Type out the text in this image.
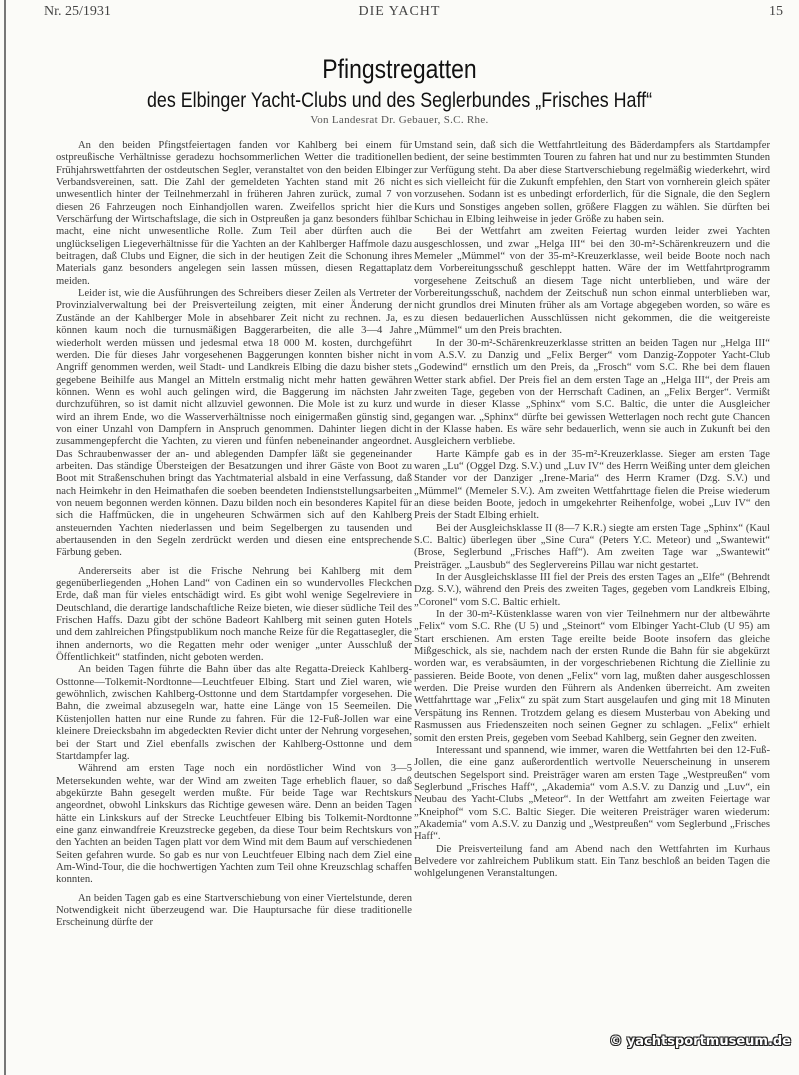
Nr. 25/1931	DIE YACHT	15
Pfingstregatten
des Elbinger Yacht-Clubs und des Seglerbundes „Frisches Haff“
Von Landesrat Dr. Gebauer, S.C. Rhe.

An den beiden Pfingstfeiertagen fanden vor Kahlberg bei einem für ostpreußische Verhältnisse geradezu hochsommerlichen Wetter die traditionellen Frühjahrswettfahrten der ostdeutschen Segler, veranstaltet von den beiden Elbinger Verbandsvereinen, satt. Die Zahl der gemeldeten Yachten stand mit 26 nicht unwesentlich hinter der Teilnehmerzahl in früheren Jahren zurück, zumal 7 von diesen 26 Fahrzeugen noch Einhandjollen waren. Zweifellos spricht hier die Verschärfung der Wirtschaftslage, die sich in Ostpreußen ja ganz besonders fühlbar macht, eine nicht unwesentliche Rolle. Zum Teil aber dürften auch die unglückseligen Liegeverhältnisse für die Yachten an der Kahlberger Haffmole dazu beitragen, daß Clubs und Eigner, die sich in der heutigen Zeit die Schonung ihres Materials ganz besonders angelegen sein lassen müssen, diesen Regattaplatz meiden.

Leider ist, wie die Ausführungen des Schreibers dieser Zeilen als Vertreter der Provinzialverwaltung bei der Preisverteilung zeigten, mit einer Änderung der Zustände an der Kahlberger Mole in absehbarer Zeit nicht zu rechnen. Ja, es können kaum noch die turnusmäßigen Baggerarbeiten, die alle 3—4 Jahre wiederholt werden müssen und jedesmal etwa 18 000 M. kosten, durchgeführt werden. Die für dieses Jahr vorgesehenen Baggerungen konnten bisher nicht in Angriff genommen werden, weil Stadt- und Landkreis Elbing die dazu bisher stets gegebene Beihilfe aus Mangel an Mitteln erstmalig nicht mehr hatten gewähren können. Wenn es wohl auch gelingen wird, die Baggerung im nächsten Jahr durchzuführen, so ist damit nicht allzuviel gewonnen. Die Mole ist zu kurz und wird an ihrem Ende, wo die Wasserverhältnisse noch einigermaßen günstig sind, von einer Unzahl von Dampfern in Anspruch genommen. Dahinter liegen dicht zusammengepfercht die Yachten, zu vieren und fünfen nebeneinander angeordnet. Das Schraubenwasser der an- und ablegenden Dampfer läßt sie gegeneinander arbeiten. Das ständige Übersteigen der Besatzungen und ihrer Gäste von Boot zu Boot mit Straßenschuhen bringt das Yachtmaterial alsbald in eine Verfassung, daß nach Heimkehr in den Heimathafen die soeben beendeten Indienststellungsarbeiten von neuem begonnen werden können. Dazu bilden noch ein besonderes Kapitel für sich die Haffmücken, die in ungeheuren Schwärmen sich auf den Kahlberg ansteuernden Yachten niederlassen und beim Segelbergen zu tausenden und abertausenden in den Segeln zerdrückt werden und diesen eine entsprechende Färbung geben.

Andererseits aber ist die Frische Nehrung bei Kahlberg mit dem gegenüberliegenden „Hohen Land“ von Cadinen ein so wundervolles Fleckchen Erde, daß man für vieles entschädigt wird. Es gibt wohl wenige Segelreviere in Deutschland, die derartige landschaftliche Reize bieten, wie dieser südliche Teil des Frischen Haffs. Dazu gibt der schöne Badeort Kahlberg mit seinen guten Hotels und dem zahlreichen Pfingstpublikum noch manche Reize für die Regattasegler, die ihnen andernorts, wo die Regatten mehr oder weniger „unter Ausschluß der Öffentlichkeit“ statfinden, nicht geboten werden.

An beiden Tagen führte die Bahn über das alte Regatta-Dreieck Kahlberg-Osttonne—Tolkemit-Nordtonne—Leuchtfeuer Elbing. Start und Ziel waren, wie gewöhnlich, zwischen Kahlberg-Osttonne und dem Startdampfer vorgesehen. Die Bahn, die zweimal abzusegeln war, hatte eine Länge von 15 Seemeilen. Die Küstenjollen hatten nur eine Runde zu fahren. Für die 12-Fuß-Jollen war eine kleinere Dreiecksbahn im abgedeckten Revier dicht unter der Nehrung vorgesehen, bei der Start und Ziel ebenfalls zwischen der Kahlberg-Osttonne und dem Startdampfer lag.

Während am ersten Tage noch ein nordöstlicher Wind von 3—5 Metersekunden wehte, war der Wind am zweiten Tage erheblich flauer, so daß abgekürzte Bahn gesegelt werden mußte. Für beide Tage war Rechtskurs angeordnet, obwohl Linkskurs das Richtige gewesen wäre. Denn an beiden Tagen hätte ein Linkskurs auf der Strecke Leuchtfeuer Elbing bis Tolkemit-Nordtonne eine ganz einwandfreie Kreuzstrecke gegeben, da diese Tour beim Rechtskurs von den Yachten an beiden Tagen platt vor dem Wind mit dem Baum auf verschiedenen Seiten gefahren wurde. So gab es nur von Leuchtfeuer Elbing nach dem Ziel eine Am-Wind-Tour, die die hochwertigen Yachten zum Teil ohne Kreuzschlag schaffen konnten.

An beiden Tagen gab es eine Startverschiebung von einer Viertelstunde, deren Notwendigkeit nicht überzeugend war. Die Hauptursache für diese traditionelle Erscheinung dürfte der

Umstand sein, daß sich die Wettfahrtleitung des Bäderdampfers als Startdampfer bedient, der seine bestimmten Touren zu fahren hat und nur zu bestimmten Stunden zur Verfügung steht. Da aber diese Startverschiebung regelmäßig wiederkehrt, wird es sich vielleicht für die Zukunft empfehlen, den Start von vornherein gleich später vorzusehen. Sodann ist es unbedingt erforderlich, für die Signale, die den Seglern Kurs und Sonstiges angeben sollen, größere Flaggen zu wählen. Sie dürften bei Schichau in Elbing leihweise in jeder Größe zu haben sein.

Bei der Wettfahrt am zweiten Feiertag wurden leider zwei Yachten ausgeschlossen, und zwar „Helga III“ bei den 30-m²-Schärenkreuzern und die Memeler „Mümmel“ von der 35-m²-Kreuzerklasse, weil beide Boote noch nach dem Vorbereitungsschuß geschleppt hatten. Wäre der im Wettfahrtprogramm vorgesehene Zeitschuß an diesem Tage nicht unterblieben, und wäre der Vorbereitungsschuß, nachdem der Zeitschuß nun schon einmal unterblieben war, nicht grundlos drei Minuten früher als am Vortage abgegeben worden, so wäre es zu diesen bedauerlichen Ausschlüssen nicht gekommen, die die weitgereiste „Mümmel“ um den Preis brachten.

In der 30-m²-Schärenkreuzerklasse stritten an beiden Tagen nur „Helga III“ vom A.S.V. zu Danzig und „Felix Berger“ vom Danzig-Zoppoter Yacht-Club „Godewind“ ernstlich um den Preis, da „Frosch“ vom S.C. Rhe bei dem flauen Wetter stark abfiel. Der Preis fiel an dem ersten Tage an „Helga III“, der Preis am zweiten Tage, gegeben von der Herrschaft Cadinen, an „Felix Berger“. Vermißt wurde in dieser Klasse „Sphinx“ vom S.C. Baltic, die unter die Ausgleicher gegangen war. „Sphinx“ dürfte bei gewissen Wetterlagen noch recht gute Chancen in der Klasse haben. Es wäre sehr bedauerlich, wenn sie auch in Zukunft bei den Ausgleichern verbliebe.

Harte Kämpfe gab es in der 35-m²-Kreuzerklasse. Sieger am ersten Tage waren „Lu“ (Oggel Dzg. S.V.) und „Luv IV“ des Herrn Weißing unter dem gleichen Stander vor der Danziger „Irene-Maria“ des Herrn Kramer (Dzg. S.V.) und „Mümmel“ (Memeler S.V.). Am zweiten Wettfahrttage fielen die Preise wiederum an diese beiden Boote, jedoch in umgekehrter Reihenfolge, wobei „Luv IV“ den Preis der Stadt Elbing erhielt.

Bei der Ausgleichsklasse II (8—7 K.R.) siegte am ersten Tage „Sphinx“ (Kaul S.C. Baltic) überlegen über „Sine Cura“ (Peters Y.C. Meteor) und „Swantewit“ (Brose, Seglerbund „Frisches Haff“). Am zweiten Tage war „Swantewit“ Preisträger. „Lausbub“ des Seglervereins Pillau war nicht gestartet.

In der Ausgleichsklasse III fiel der Preis des ersten Tages an „Elfe“ (Behrendt Dzg. S.V.), während den Preis des zweiten Tages, gegeben vom Landkreis Elbing, „Coronel“ vom S.C. Baltic erhielt.

In der 30-m²-Küstenklasse waren von vier Teilnehmern nur der altbewährte „Felix“ vom S.C. Rhe (U 5) und „Steinort“ vom Elbinger Yacht-Club (U 95) am Start erschienen. Am ersten Tage ereilte beide Boote insofern das gleiche Mißgeschick, als sie, nachdem nach der ersten Runde die Bahn für sie abgekürzt worden war, es verabsäumten, in der vorgeschriebenen Richtung die Ziellinie zu passieren. Beide Boote, von denen „Felix“ vorn lag, mußten daher ausgeschlossen werden. Die Preise wurden den Führern als Andenken überreicht. Am zweiten Wettfahrttage war „Felix“ zu spät zum Start ausgelaufen und ging mit 18 Minuten Verspätung ins Rennen. Trotzdem gelang es diesem Musterbau von Abeking und Rasmussen aus Friedenszeiten noch seinen Gegner zu schlagen. „Felix“ erhielt somit den ersten Preis, gegeben vom Seebad Kahlberg, sein Gegner den zweiten.

Interessant und spannend, wie immer, waren die Wettfahrten bei den 12-Fuß-Jollen, die eine ganz außerordentlich wertvolle Neuerscheinung in unserem deutschen Segelsport sind. Preisträger waren am ersten Tage „Westpreußen“ vom Seglerbund „Frisches Haff“, „Akademia“ vom A.S.V. zu Danzig und „Luv“, ein Neubau des Yacht-Clubs „Meteor“. In der Wettfahrt am zweiten Feiertage war „Kneiphof“ vom S.C. Baltic Sieger. Die weiteren Preisträger waren wiederum: „Akademia“ vom A.S.V. zu Danzig und „Westpreußen“ vom Seglerbund „Frisches Haff“.

Die Preisverteilung fand am Abend nach den Wettfahrten im Kurhaus Belvedere vor zahlreichem Publikum statt. Ein Tanz beschloß an beiden Tagen die wohlgelungenen Veranstaltungen.

© yachtsportmuseum.de
